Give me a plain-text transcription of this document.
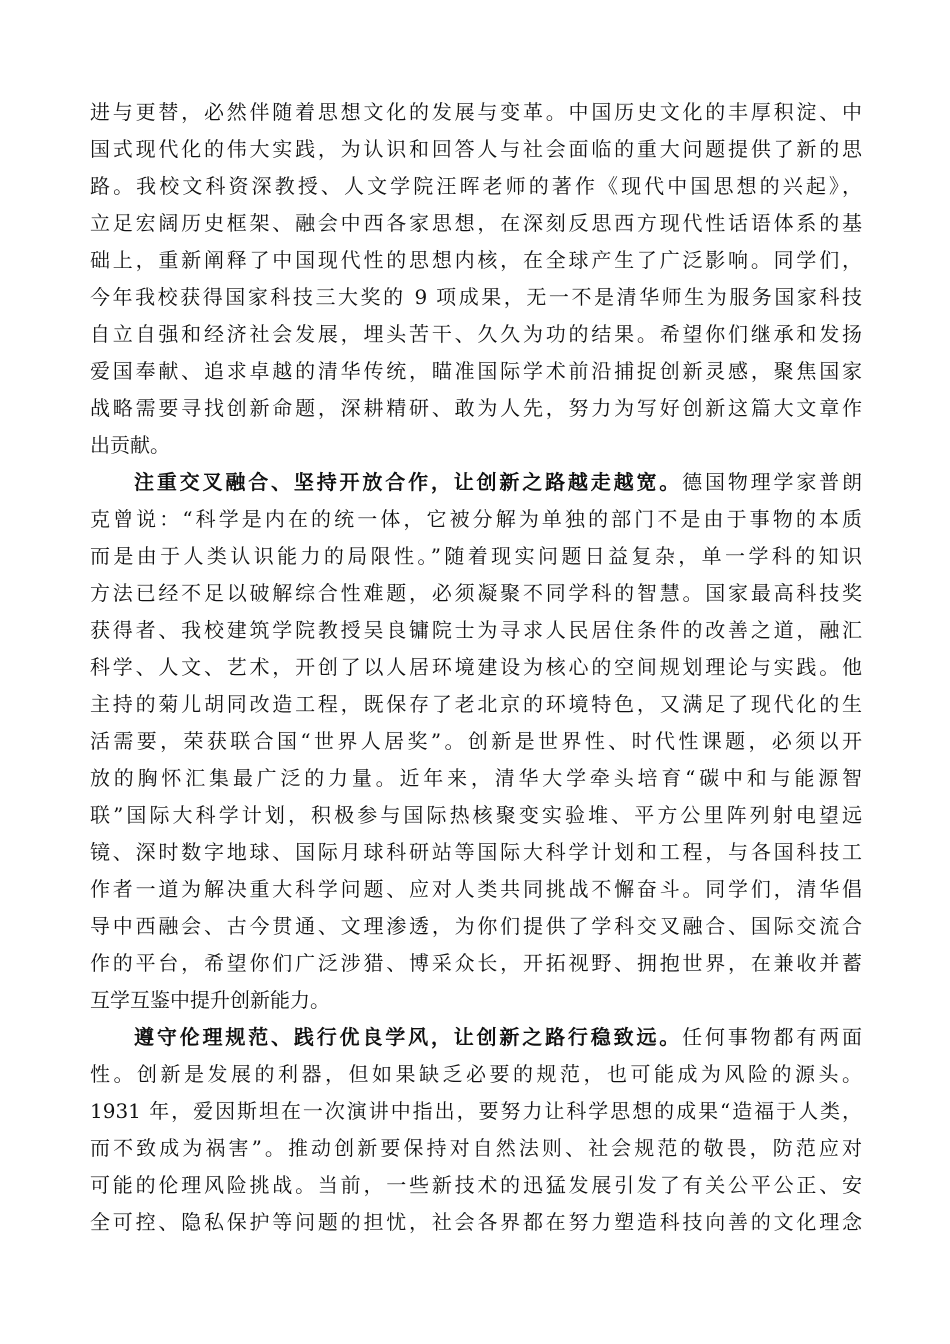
进与更替，必然伴随着思想文化的发展与变革。中国历史文化的丰厚积淀、中
国式现代化的伟大实践，为认识和回答人与社会面临的重大问题提供了新的思
路。我校文科资深教授、人文学院汪晖老师的著作《现代中国思想的兴起》，
立足宏阔历史框架、融会中西各家思想，在深刻反思西方现代性话语体系的基
础上，重新阐释了中国现代性的思想内核，在全球产生了广泛影响。同学们，
今年我校获得国家科技三大奖的 9 项成果，无一不是清华师生为服务国家科技
自立自强和经济社会发展，埋头苦干、久久为功的结果。希望你们继承和发扬
爱国奉献、追求卓越的清华传统，瞄准国际学术前沿捕捉创新灵感，聚焦国家
战略需要寻找创新命题，深耕精研、敢为人先，努力为写好创新这篇大文章作
出贡献。
注重交叉融合、坚持开放合作，让创新之路越走越宽。德国物理学家普朗
克曾说：“科学是内在的统一体，它被分解为单独的部门不是由于事物的本质
而是由于人类认识能力的局限性。”随着现实问题日益复杂，单一学科的知识
方法已经不足以破解综合性难题，必须凝聚不同学科的智慧。国家最高科技奖
获得者、我校建筑学院教授吴良镛院士为寻求人民居住条件的改善之道，融汇
科学、人文、艺术，开创了以人居环境建设为核心的空间规划理论与实践。他
主持的菊儿胡同改造工程，既保存了老北京的环境特色，又满足了现代化的生
活需要，荣获联合国“世界人居奖”。创新是世界性、时代性课题，必须以开
放的胸怀汇集最广泛的力量。近年来，清华大学牵头培育“碳中和与能源智
联”国际大科学计划，积极参与国际热核聚变实验堆、平方公里阵列射电望远
镜、深时数字地球、国际月球科研站等国际大科学计划和工程，与各国科技工
作者一道为解决重大科学问题、应对人类共同挑战不懈奋斗。同学们，清华倡
导中西融会、古今贯通、文理渗透，为你们提供了学科交叉融合、国际交流合
作的平台，希望你们广泛涉猎、博采众长，开拓视野、拥抱世界，在兼收并蓄
互学互鉴中提升创新能力。
遵守伦理规范、践行优良学风，让创新之路行稳致远。任何事物都有两面
性。创新是发展的利器，但如果缺乏必要的规范，也可能成为风险的源头。
1931 年，爱因斯坦在一次演讲中指出，要努力让科学思想的成果“造福于人类，
而不致成为祸害”。推动创新要保持对自然法则、社会规范的敬畏，防范应对
可能的伦理风险挑战。当前，一些新技术的迅猛发展引发了有关公平公正、安
全可控、隐私保护等问题的担忧，社会各界都在努力塑造科技向善的文化理念
